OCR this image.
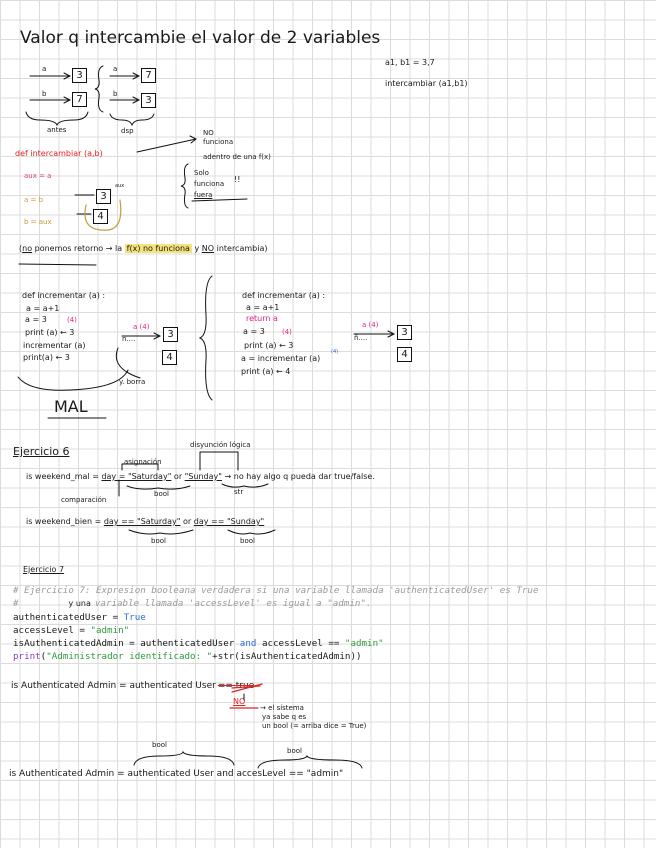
Valor q intercambie el valor de 2 variables
a1, b1 = 3,7
intercambiar (a1,b1)
a
3
b	7
a
7
b
3
antes	dsp
def intercambiar (a,b)
NO
funciona
adentro de una f(x)
aux = a
a = b
b = aux
3
4
aux
Solo
funciona
fuera
!!
(no ponemos retorno → la f(x) no funciona y NO intercambia)
def incrementar (a) :
a = a+1
a = 3	(4)
print (a) ← 3
incrementar (a)
print(a) ← 3
a (4)
ñ....	3
4
y. borra
MAL
def incrementar (a) :
a = a+1
return a
a = 3 (4)
print (a) ← 3
a = incrementar (a)
print (a) ← 4
(4)
a (4)
ñ....	3
4
Ejercicio 6	disyunción lógica
asignación
is weekend_mal = day = "Saturday" or "Sunday" → no hay algo q pueda dar true/false.
comparación
bool	str
is weekend_bien = day == "Saturday" or day == "Sunday"
bool	bool
Ejercicio 7
# Ejercicio 7: Expresion booleana verdadera si una variable llamada 'authenticatedUser' es True
#	y una variable llamada 'accessLevel' es igual a "admin".
authenticatedUser = True
accessLevel = "admin"
isAuthenticatedAdmin = authenticatedUser and accessLevel == "admin"
print("Administrador identificado: "+str(isAuthenticatedAdmin))
is Authenticated Admin = authenticated User == true
NO
→ el sistema
ya sabe q es
un bool (= arriba dice = True)
bool
bool
is Authenticated Admin = authenticated User and accesLevel == "admin"
